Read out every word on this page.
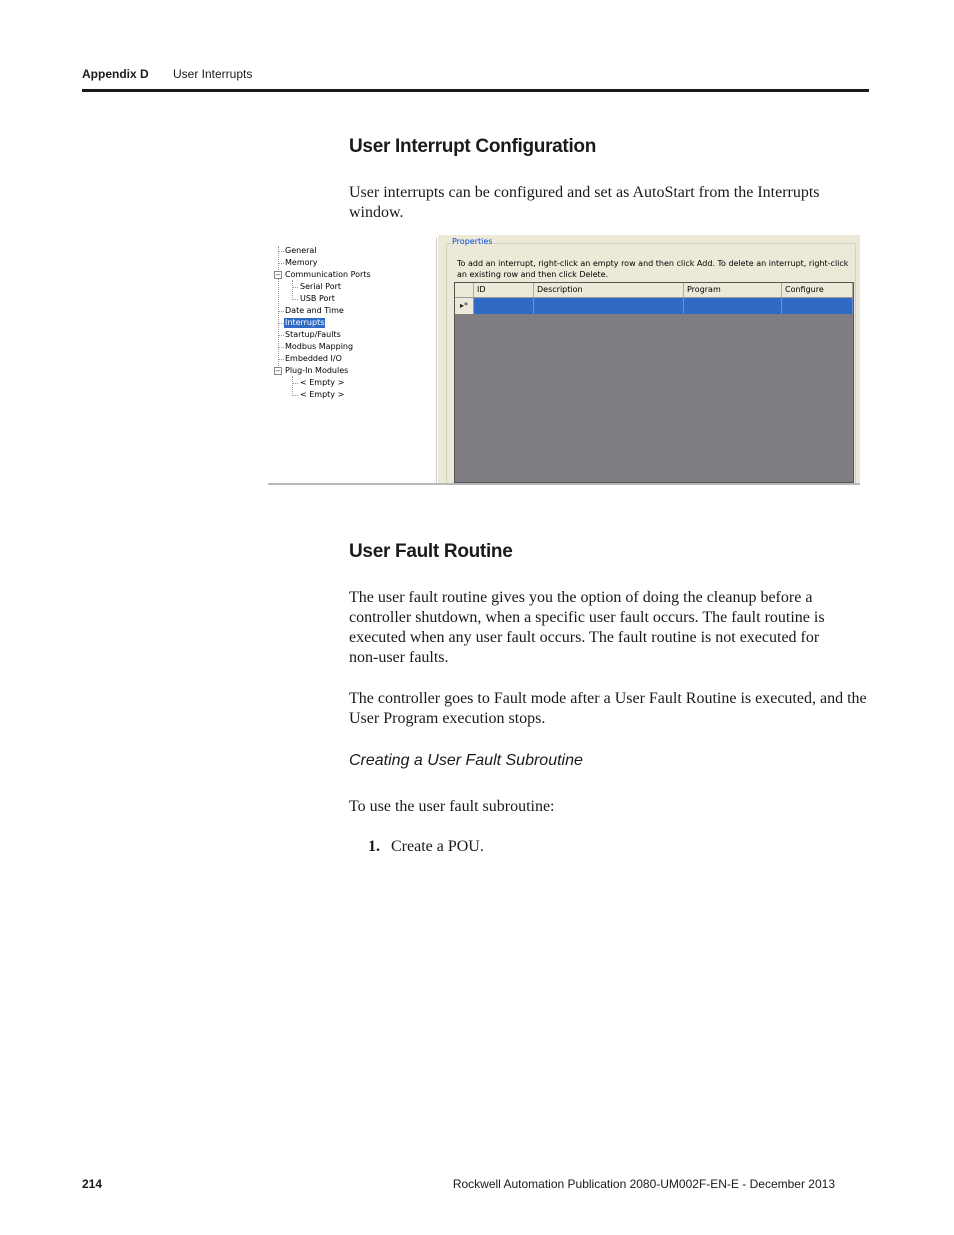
Appendix D User Interrupts
User Interrupt Configuration
User interrupts can be configured and set as AutoStart from the Interrupts window.
−
−
General
Memory
Communication Ports
Serial Port
USB Port
Date and Time
Interrupts
Startup/Faults
Modbus Mapping
Embedded I/O
Plug-In Modules
< Empty >
< Empty >
Properties
To add an interrupt, right-click an empty row and then click Add. To delete an interrupt, right-click an existing row and then click Delete.
ID	Description	Program	Configure
▸*
User Fault Routine
The user fault routine gives you the option of doing the cleanup before a controller shutdown, when a specific user fault occurs. The fault routine is executed when any user fault occurs. The fault routine is not executed for non-user faults.
The controller goes to Fault mode after a User Fault Routine is executed, and the User Program execution stops.
Creating a User Fault Subroutine
To use the user fault subroutine:
1. Create a POU.
214	Rockwell Automation Publication 2080-UM002F-EN-E - December 2013
